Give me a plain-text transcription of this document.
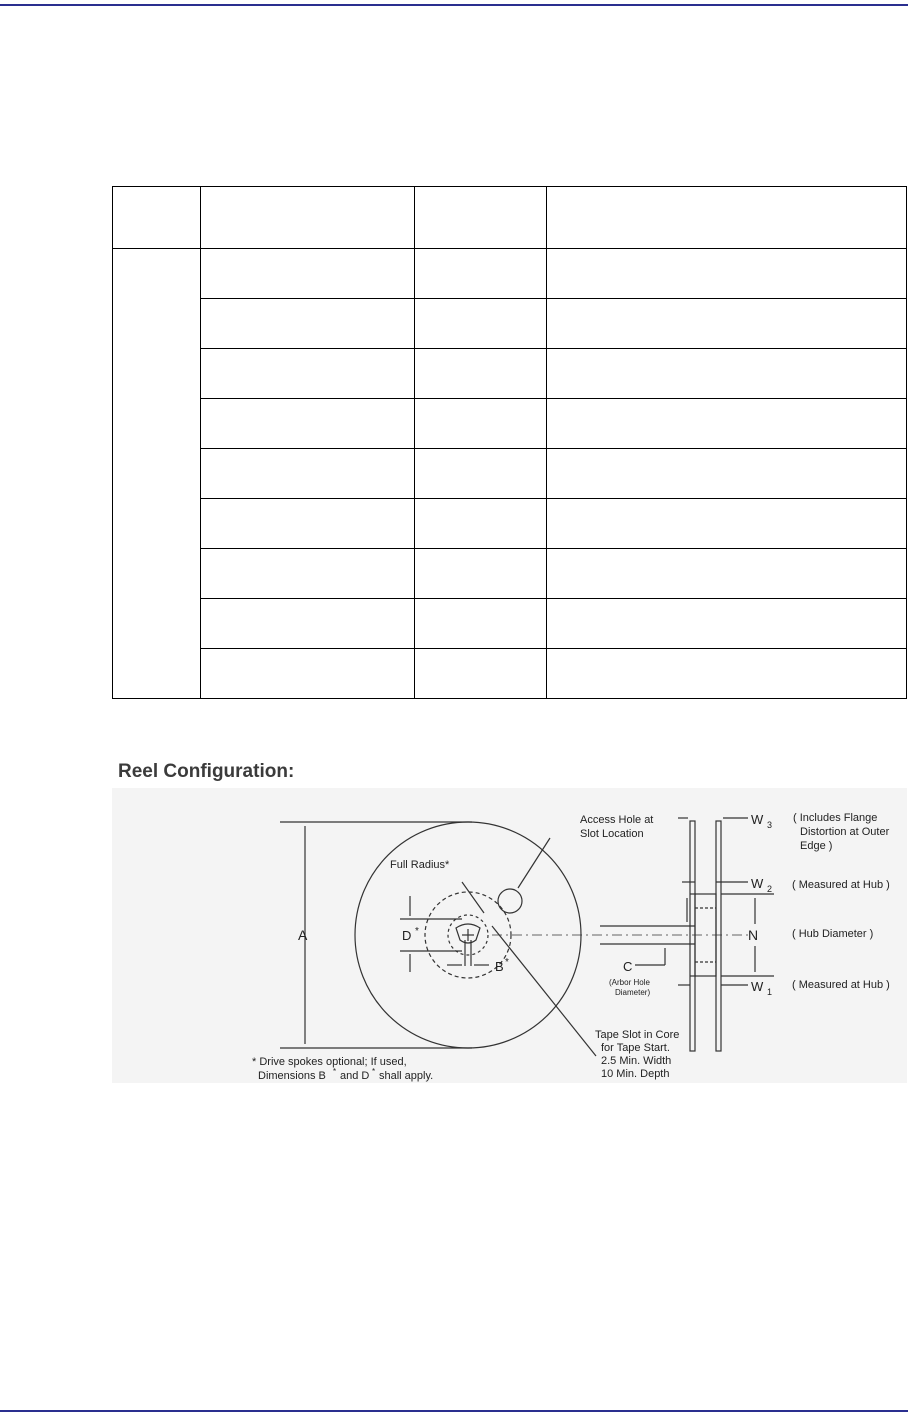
Reel Configuration:
A	D *
B *
Full Radius*
Access Hole at
Slot Location
Tape Slot in Core
for Tape Start.
2.5 Min. Width
10 Min. Depth
C
(Arbor Hole
Diameter)
N	( Hub Diameter )
W 3
( Includes Flange
Distortion at Outer
Edge )
W 2 ( Measured at Hub )
W 1
( Measured at Hub )
* Drive spokes optional; If used,
Dimensions B * and D * shall apply.
